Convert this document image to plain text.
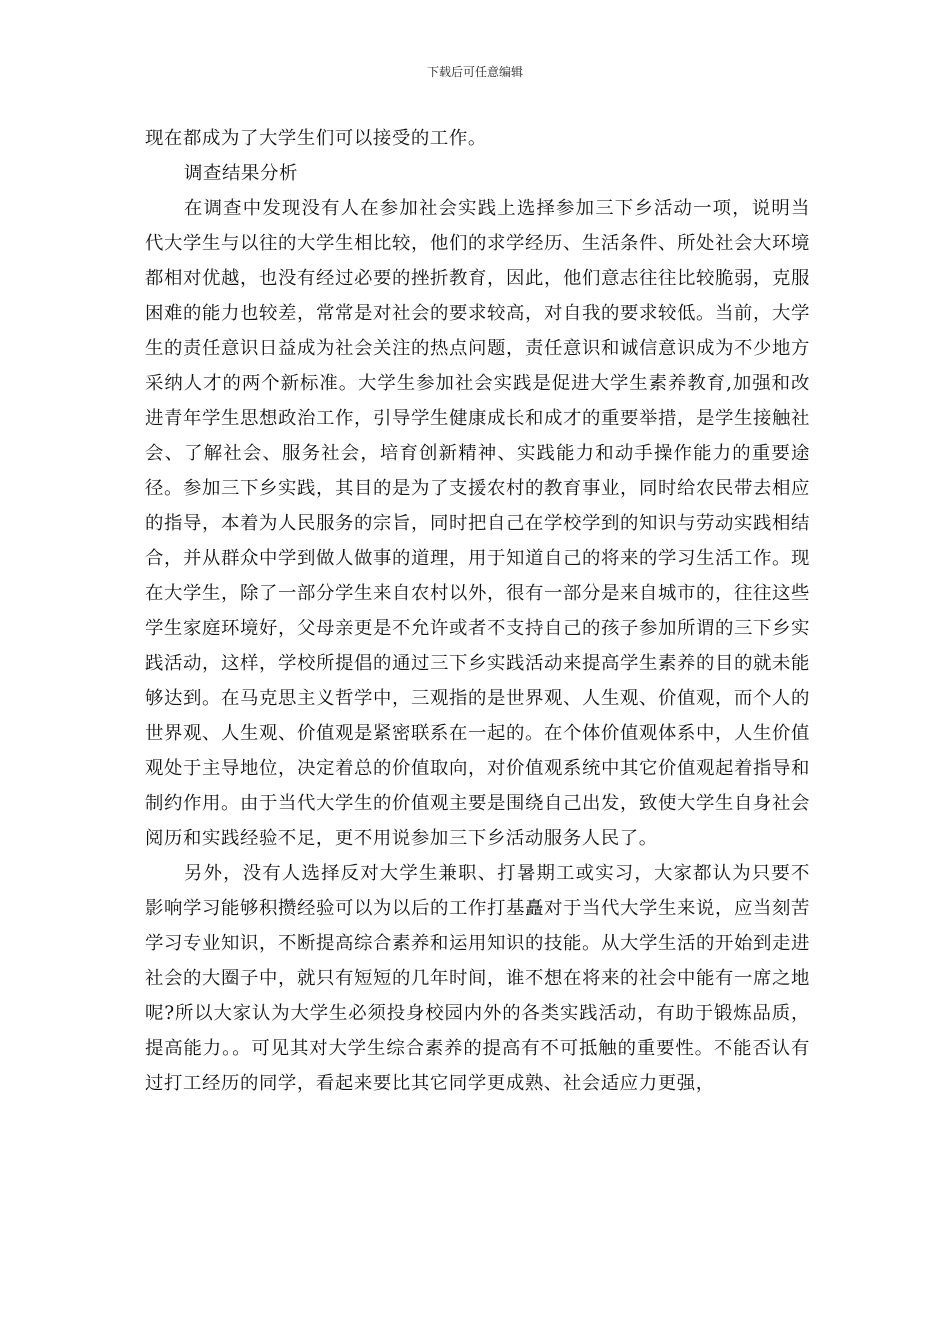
下载后可任意编辑

现在都成为了大学生们可以接受的工作。

调查结果分析

在调查中发现没有人在参加社会实践上选择参加三下乡活动一项，说明当代大学生与以往的大学生相比较，他们的求学经历、生活条件、所处社会大环境都相对优越，也没有经过必要的挫折教育，因此，他们意志往往比较脆弱，克服困难的能力也较差，常常是对社会的要求较高，对自我的要求较低。当前，大学生的责任意识日益成为社会关注的热点问题，责任意识和诚信意识成为不少地方采纳人才的两个新标准。大学生参加社会实践是促进大学生素养教育,加强和改进青年学生思想政治工作，引导学生健康成长和成才的重要举措，是学生接触社会、了解社会、服务社会，培育创新精神、实践能力和动手操作能力的重要途径。参加三下乡实践，其目的是为了支援农村的教育事业，同时给农民带去相应的指导，本着为人民服务的宗旨，同时把自己在学校学到的知识与劳动实践相结合，并从群众中学到做人做事的道理，用于知道自己的将来的学习生活工作。现在大学生，除了一部分学生来自农村以外，很有一部分是来自城市的，往往这些学生家庭环境好，父母亲更是不允许或者不支持自己的孩子参加所谓的三下乡实践活动，这样，学校所提倡的通过三下乡实践活动来提高学生素养的目的就未能够达到。在马克思主义哲学中，三观指的是世界观、人生观、价值观，而个人的世界观、人生观、价值观是紧密联系在一起的。在个体价值观体系中，人生价值观处于主导地位，决定着总的价值取向，对价值观系统中其它价值观起着指导和制约作用。由于当代大学生的价值观主要是围绕自己出发，致使大学生自身社会阅历和实践经验不足，更不用说参加三下乡活动服务人民了。

另外，没有人选择反对大学生兼职、打暑期工或实习，大家都认为只要不影响学习能够积攒经验可以为以后的工作打基矗对于当代大学生来说，应当刻苦学习专业知识，不断提高综合素养和运用知识的技能。从大学生活的开始到走进社会的大圈子中，就只有短短的几年时间，谁不想在将来的社会中能有一席之地呢?所以大家认为大学生必须投身校园内外的各类实践活动，有助于锻炼品质，提高能力。。可见其对大学生综合素养的提高有不可抵触的重要性。不能否认有过打工经历的同学，看起来要比其它同学更成熟、社会适应力更强，
